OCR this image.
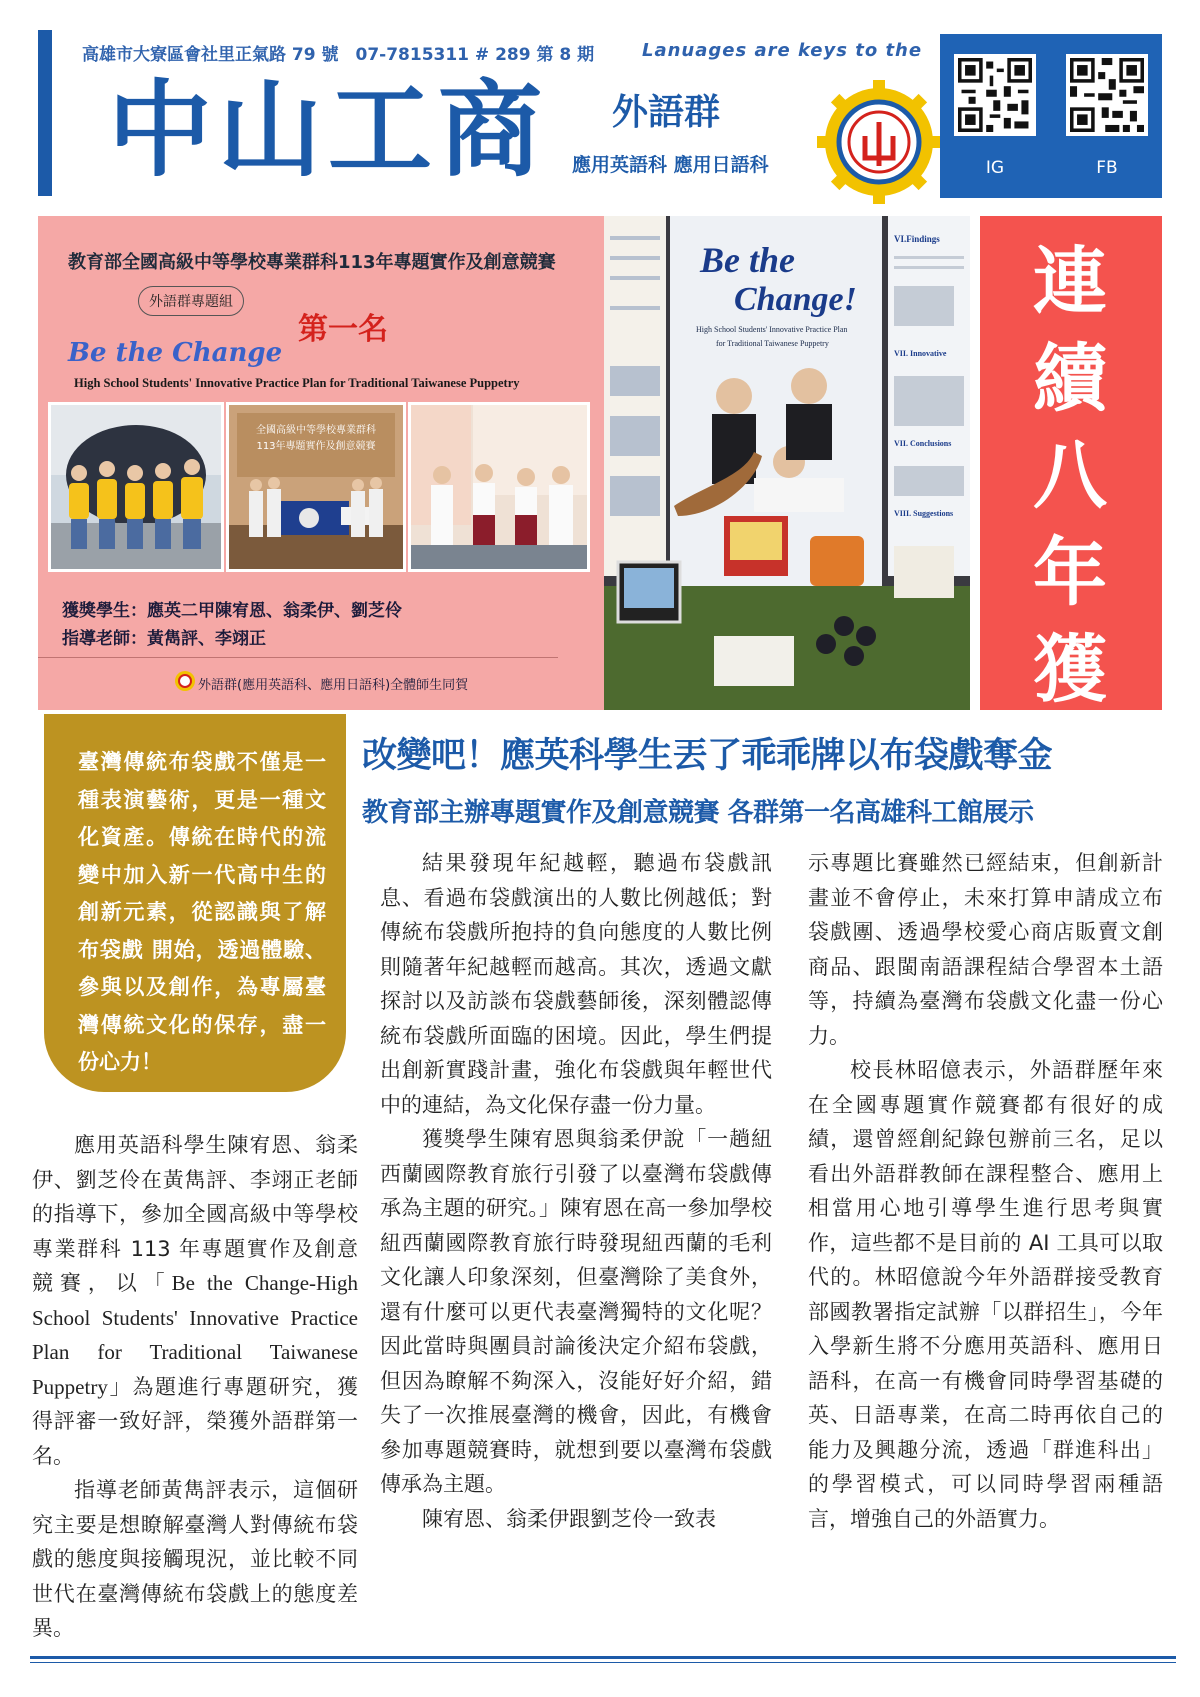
高雄市大寮區會社里正氣路 79 號　07-7815311 # 289 第 8 期	Lanuages are keys to the
中山工商 外語群
應用英語科 應用日語科	IG	FB
教育部全國高級中等學校專業群科113年專題實作及創意競賽
外語群專題組
第一名
Be the Change
High School Students' Innovative Practice Plan for Traditional Taiwanese Puppetry
全國高級中等學校專業群科
113年專題實作及創意競賽
獲獎學生：應英二甲陳宥恩、翁柔伊、劉芝伶
指導老師：黃雋評、李翊正
外語群(應用英語科、應用日語科)全體師生同賀
Be the
Change!
High School Students' Innovative Practice Plan
for Traditional Taiwanese Puppetry
VI.Findings
VII. Innovative
VII. Conclusions
VIII. Suggestions
連續八年獲獎
臺灣傳統布袋戲不僅是一種表演藝術，更是一種文化資產。傳統在時代的流變中加入新一代高中生的創新元素，從認識與了解布袋戲 開始，透過體驗、參與以及創作，為專屬臺灣傳統文化的保存，盡一份心力！
改變吧！應英科學生丟了乖乖牌以布袋戲奪金
教育部主辦專題實作及創意競賽 各群第一名高雄科工館展示

應用英語科學生陳宥恩、翁柔伊、劉芝伶在黃雋評、李翊正老師的指導下，參加全國高級中等學校專業群科 113 年專題實作及創意競賽，以「Be the Change-High School Students' Innovative Practice Plan for Traditional Taiwanese Puppetry」為題進行專題研究，獲得評審一致好評，榮獲外語群第一名。

指導老師黃雋評表示，這個研究主要是想瞭解臺灣人對傳統布袋戲的態度與接觸現況，並比較不同世代在臺灣傳統布袋戲上的態度差異。

結果發現年紀越輕，聽過布袋戲訊息、看過布袋戲演出的人數比例越低；對傳統布袋戲所抱持的負向態度的人數比例則隨著年紀越輕而越高。其次，透過文獻探討以及訪談布袋戲藝師後，深刻體認傳統布袋戲所面臨的困境。因此，學生們提出創新實踐計畫，強化布袋戲與年輕世代中的連結，為文化保存盡一份力量。

獲獎學生陳宥恩與翁柔伊說「一趟紐西蘭國際教育旅行引發了以臺灣布袋戲傳承為主題的研究。」陳宥恩在高一參加學校紐西蘭國際教育旅行時發現紐西蘭的毛利文化讓人印象深刻，但臺灣除了美食外，還有什麼可以更代表臺灣獨特的文化呢？因此當時與團員討論後決定介紹布袋戲，但因為瞭解不夠深入，沒能好好介紹，錯失了一次推展臺灣的機會，因此，有機會參加專題競賽時，就想到要以臺灣布袋戲傳承為主題。

陳宥恩、翁柔伊跟劉芝伶一致表

示專題比賽雖然已經結束，但創新計畫並不會停止，未來打算申請成立布袋戲團、透過學校愛心商店販賣文創商品、跟閩南語課程結合學習本土語等，持續為臺灣布袋戲文化盡一份心力。

校長林昭億表示，外語群歷年來在全國專題實作競賽都有很好的成績，還曾經創紀錄包辦前三名，足以看出外語群教師在課程整合、應用上相當用心地引導學生進行思考與實作，這些都不是目前的 AI 工具可以取代的。林昭億說今年外語群接受教育部國教署指定試辦「以群招生」，今年入學新生將不分應用英語科、應用日語科，在高一有機會同時學習基礎的英、日語專業，在高二時再依自己的能力及興趣分流，透過「群進科出」的學習模式，可以同時學習兩種語言，增強自己的外語實力。
